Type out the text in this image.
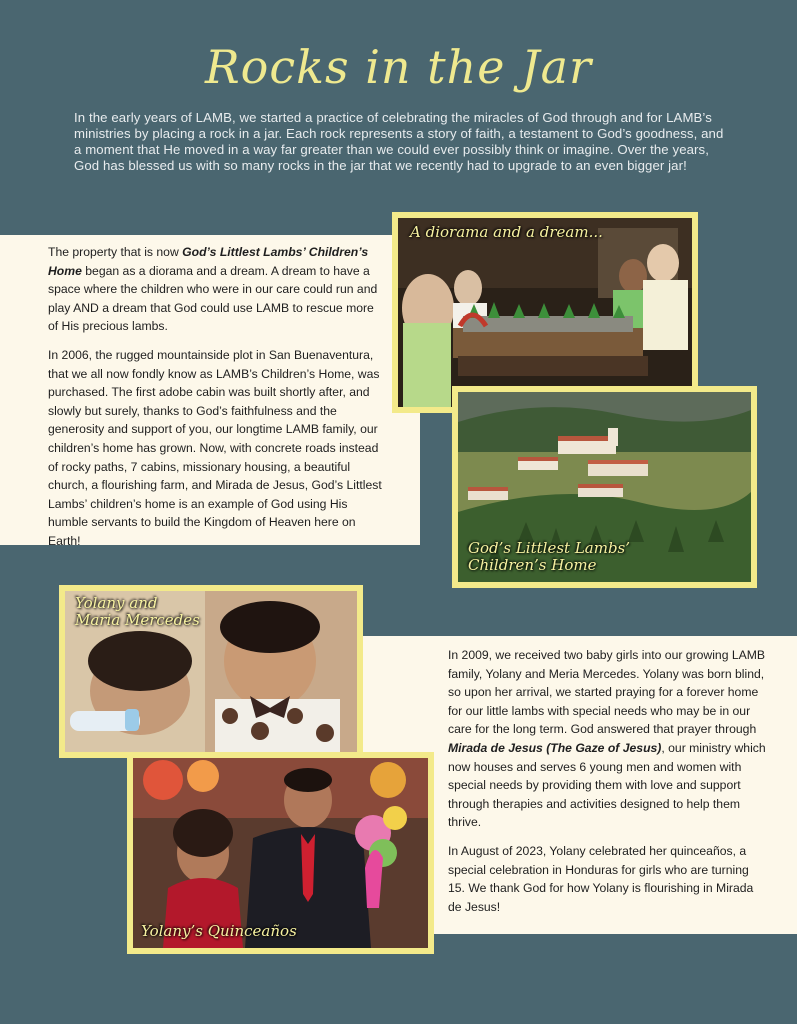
Rocks in the Jar
In the early years of LAMB, we started a practice of celebrating the miracles of God through and for LAMB’s ministries by placing a rock in a jar. Each rock represents a story of faith, a testament to God’s goodness, and a moment that He moved in a way far greater than we could ever possibly think or imagine. Over the years, God has blessed us with so many rocks in the jar that we recently had to upgrade to an even bigger jar!

The property that is now God’s Littlest Lambs’ Children’s Home began as a diorama and a dream. A dream to have a space where the children who were in our care could run and play AND a dream that God could use LAMB to rescue more of His precious lambs.

In 2006, the rugged mountainside plot in San Buenaventura, that we all now fondly know as LAMB’s Children’s Home, was purchased. The first adobe cabin was built shortly after, and slowly but surely, thanks to God’s faithfulness and the generosity and support of you, our longtime LAMB family, our children’s home has grown. Now, with concrete roads instead of rocky paths, 7 cabins, missionary housing, a beautiful church, a flourishing farm, and Mirada de Jesus, God’s Littlest Lambs’ children’s home is an example of God using His humble servants to build the Kingdom of Heaven here on Earth!

In 2009, we received two baby girls into our growing LAMB family, Yolany and Meria Mercedes. Yolany was born blind, so upon her arrival, we started praying for a forever home for our little lambs with special needs who may be in our care for the long term. God answered that prayer through Mirada de Jesus (The Gaze of Jesus), our ministry which now houses and serves 6 young men and women with special needs by providing them with love and support through therapies and activities designed to help them thrive.

In August of 2023, Yolany celebrated her quinceaños, a special celebration in Honduras for girls who are turning 15. We thank God for how Yolany is flourishing in Mirada de Jesus!

A diorama and a dream...
God’s Littlest Lambs’
Children’s Home
Yolany and
Maria Mercedes
Yolany’s Quinceaños
